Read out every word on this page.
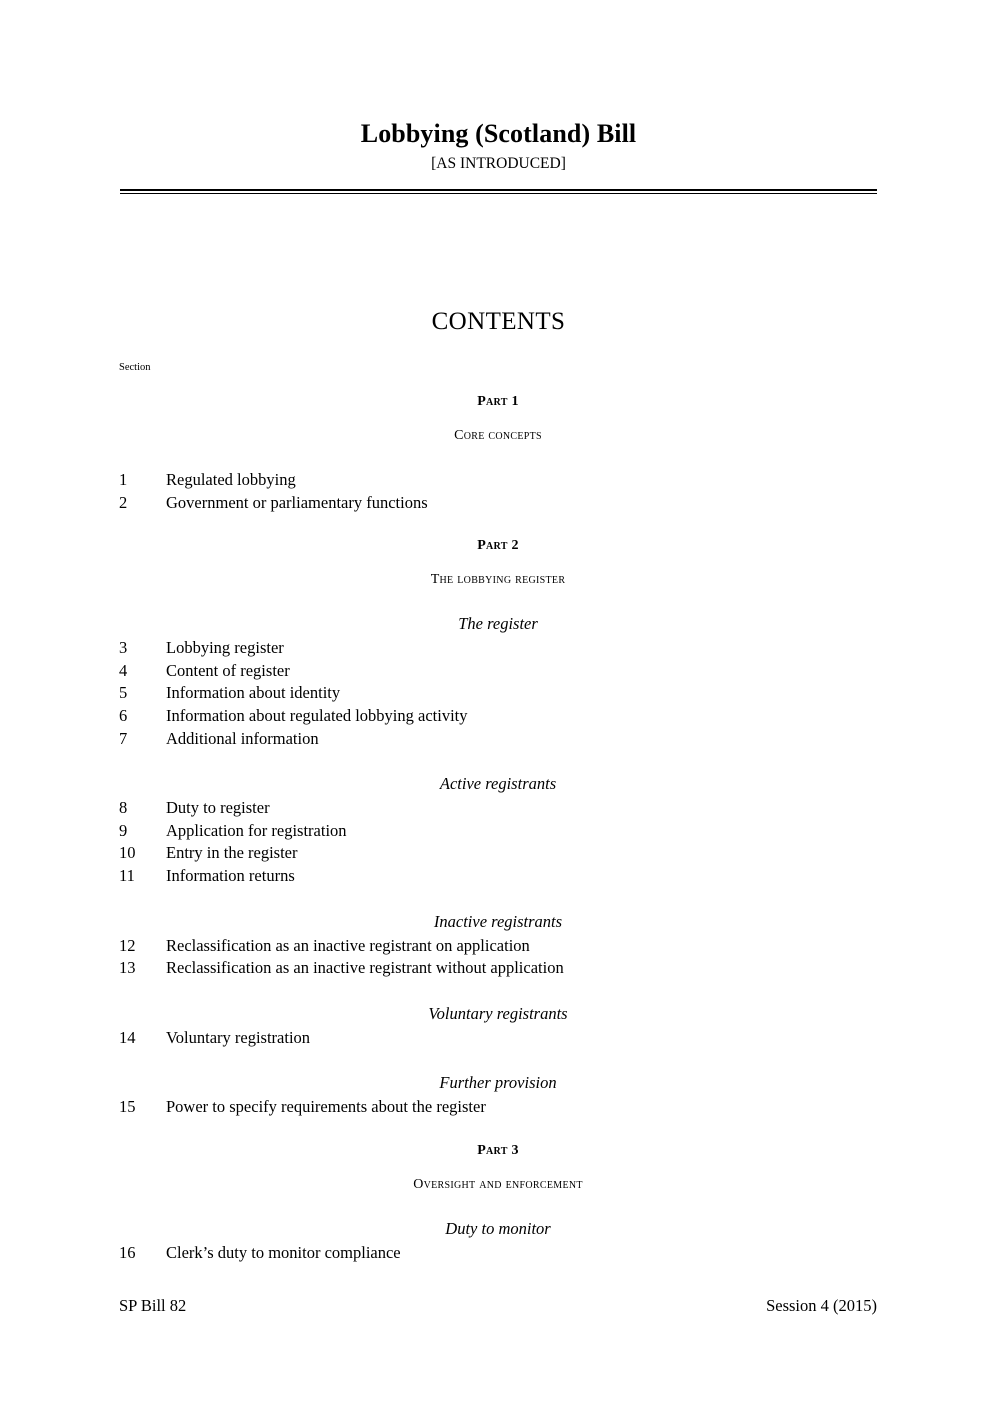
Lobbying (Scotland) Bill
[AS INTRODUCED]
CONTENTS
Section
Part 1
Core concepts
1	Regulated lobbying
2	Government or parliamentary functions
Part 2
The lobbying register
The register
3	Lobbying register
4	Content of register
5	Information about identity
6	Information about regulated lobbying activity
7	Additional information
Active registrants
8	Duty to register
9	Application for registration
10	Entry in the register
11	Information returns
Inactive registrants
12	Reclassification as an inactive registrant on application
13	Reclassification as an inactive registrant without application
Voluntary registrants
14	Voluntary registration
Further provision
15	Power to specify requirements about the register
Part 3
Oversight and enforcement
Duty to monitor
16	Clerk’s duty to monitor compliance
SP Bill 82	Session 4 (2015)
